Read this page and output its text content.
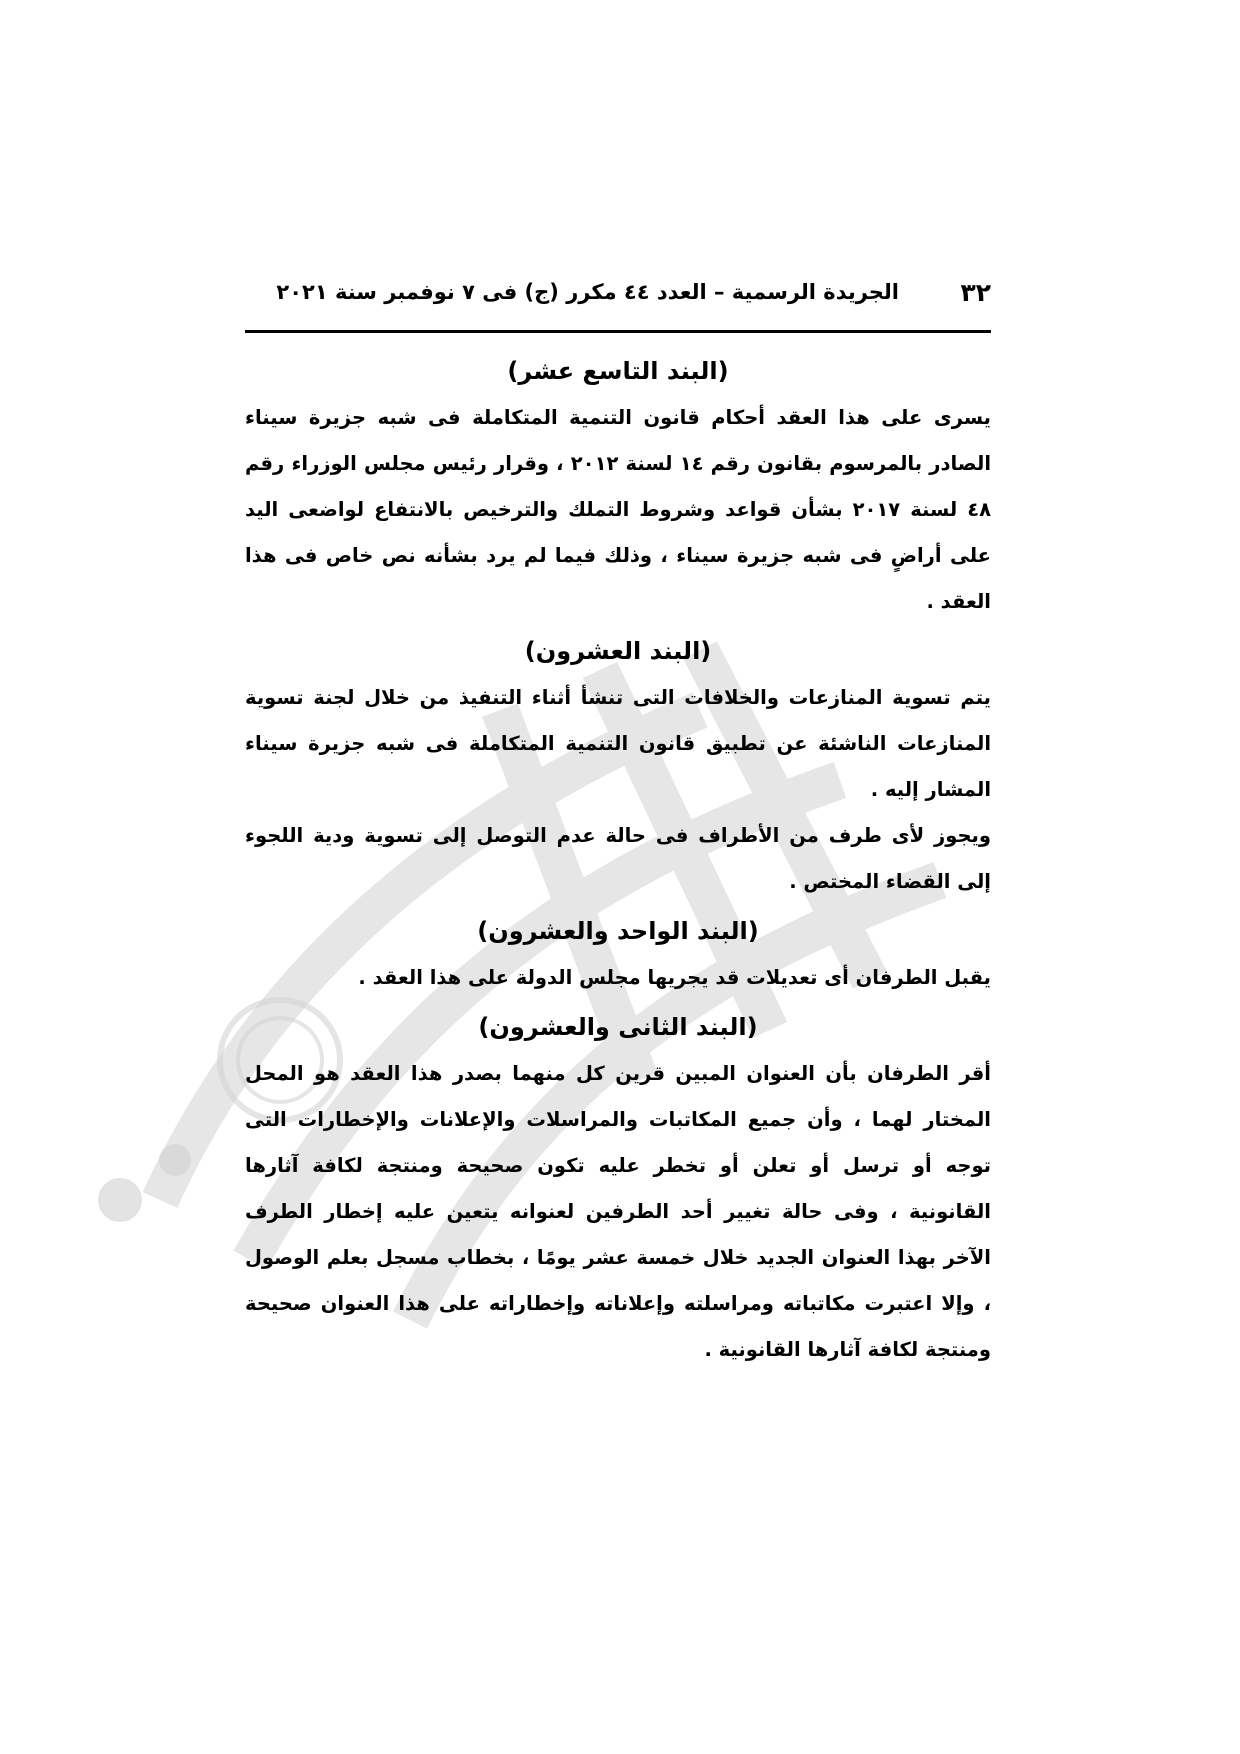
٣٢
الجريدة الرسمية – العدد ٤٤ مكرر (ج) فى ٧ نوفمبر سنة ٢٠٢١
(البند التاسع عشر)

يسرى على هذا العقد أحكام قانون التنمية المتكاملة فى شبه جزيرة سيناء الصادر بالمرسوم بقانون رقم ١٤ لسنة ٢٠١٢ ، وقرار رئيس مجلس الوزراء رقم ٤٨ لسنة ٢٠١٧ بشأن قواعد وشروط التملك والترخيص بالانتفاع لواضعى اليد على أراضٍ فى شبه جزيرة سيناء ، وذلك فيما لم يرد بشأنه نص خاص فى هذا العقد .

(البند العشرون)

يتم تسوية المنازعات والخلافات التى تنشأ أثناء التنفيذ من خلال لجنة تسوية المنازعات الناشئة عن تطبيق قانون التنمية المتكاملة فى شبه جزيرة سيناء المشار إليه .

ويجوز لأى طرف من الأطراف فى حالة عدم التوصل إلى تسوية ودية اللجوء إلى القضاء المختص .

(البند الواحد والعشرون)

يقبل الطرفان أى تعديلات قد يجريها مجلس الدولة على هذا العقد .

(البند الثانى والعشرون)

أقر الطرفان بأن العنوان المبين قرين كل منهما بصدر هذا العقد هو المحل المختار لهما ، وأن جميع المكاتبات والمراسلات والإعلانات والإخطارات التى توجه أو ترسل أو تعلن أو تخطر عليه تكون صحيحة ومنتجة لكافة آثارها القانونية ، وفى حالة تغيير أحد الطرفين لعنوانه يتعين عليه إخطار الطرف الآخر بهذا العنوان الجديد خلال خمسة عشر يومًا ، بخطاب مسجل بعلم الوصول ، وإلا اعتبرت مكاتباته ومراسلته وإعلاناته وإخطاراته على هذا العنوان صحيحة ومنتجة لكافة آثارها القانونية .
